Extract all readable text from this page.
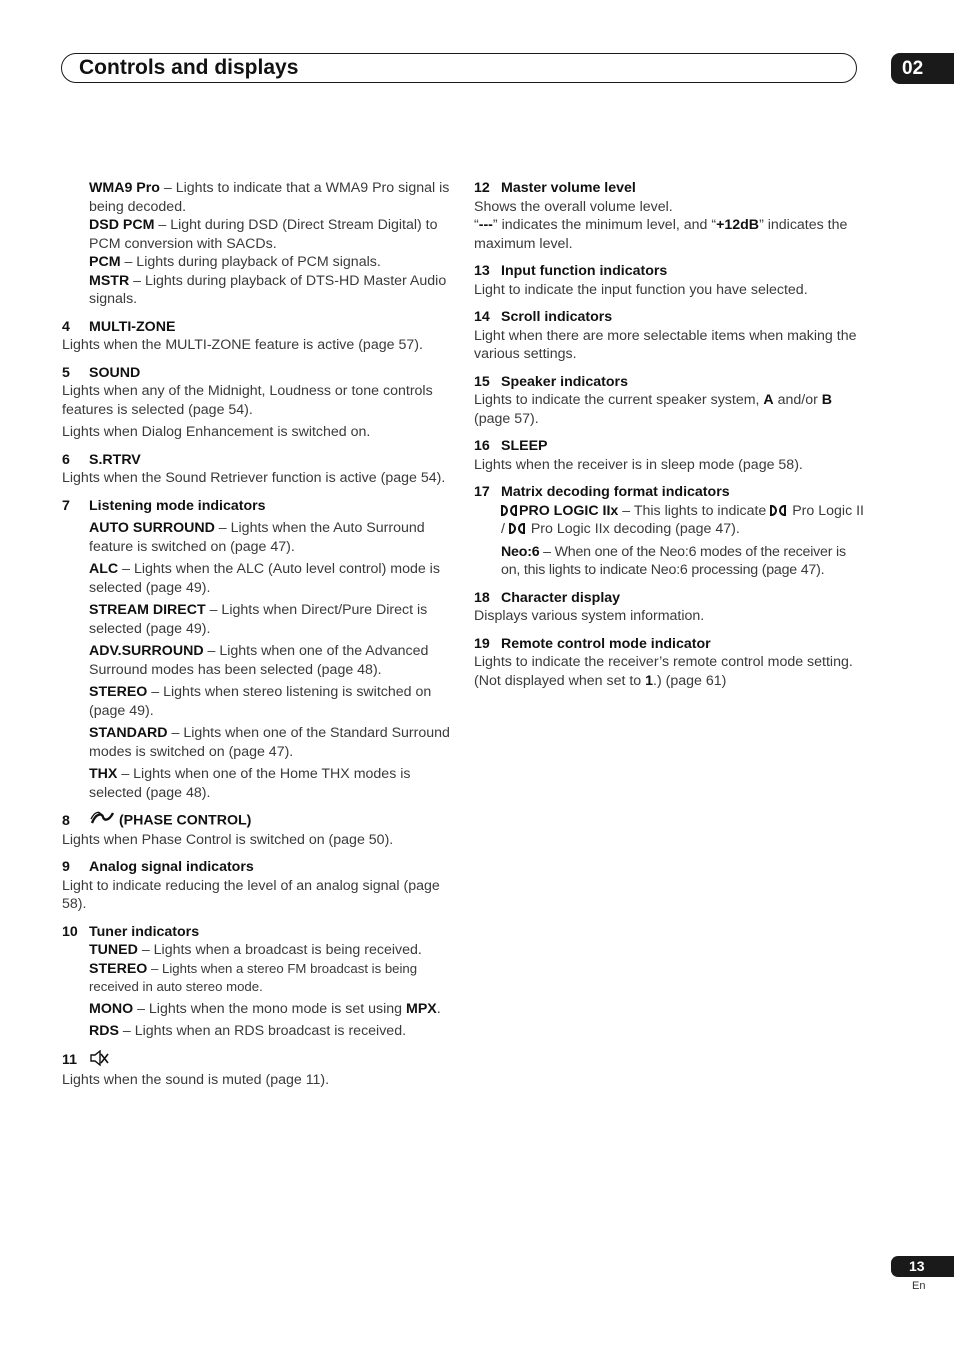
Controls and displays	02

WMA9 Pro – Lights to indicate that a WMA9 Pro signal is being decoded.

DSD PCM – Light during DSD (Direct Stream Digital) to PCM conversion with SACDs.

PCM – Lights during playback of PCM signals.

MSTR – Lights during playback of DTS-HD Master Audio signals.

4 MULTI-ZONE

Lights when the MULTI-ZONE feature is active (page 57).

5 SOUND

Lights when any of the Midnight, Loudness or tone controls features is selected (page 54).

Lights when Dialog Enhancement is switched on.

6 S.RTRV

Lights when the Sound Retriever function is active (page 54).

7 Listening mode indicators

AUTO SURROUND – Lights when the Auto Surround feature is switched on (page 47).

ALC – Lights when the ALC (Auto level control) mode is selected (page 49).

STREAM DIRECT – Lights when Direct/Pure Direct is selected (page 49).

ADV.SURROUND – Lights when one of the Advanced Surround modes has been selected (page 48).

STEREO – Lights when stereo listening is switched on (page 49).

STANDARD – Lights when one of the Standard Surround modes is switched on (page 47).

THX – Lights when one of the Home THX modes is selected (page 48).

8	(PHASE CONTROL)

Lights when Phase Control is switched on (page 50).

9 Analog signal indicators

Light to indicate reducing the level of an analog signal (page 58).

10 Tuner indicators

TUNED – Lights when a broadcast is being received.

STEREO – Lights when a stereo FM broadcast is being received in auto stereo mode.

MONO – Lights when the mono mode is set using MPX.

RDS – Lights when an RDS broadcast is received.

11

Lights when the sound is muted (page 11).

12 Master volume level

Shows the overall volume level.

“---” indicates the minimum level, and “+12dB” indicates the maximum level.

13 Input function indicators

Light to indicate the input function you have selected.

14 Scroll indicators

Light when there are more selectable items when making the various settings.

15 Speaker indicators

Lights to indicate the current speaker system, A and/or B (page 57).

16 SLEEP

Lights when the receiver is in sleep mode (page 58).

17 Matrix decoding format indicators

PRO LOGIC IIx – This lights to indicate  Pro Logic II /  Pro Logic IIx decoding (page 47).

Neo:6 – When one of the Neo:6 modes of the receiver is on, this lights to indicate Neo:6 processing (page 47).

18 Character display

Displays various system information.

19 Remote control mode indicator

Lights to indicate the receiver’s remote control mode setting. (Not displayed when set to 1.) (page 61)

13
En
